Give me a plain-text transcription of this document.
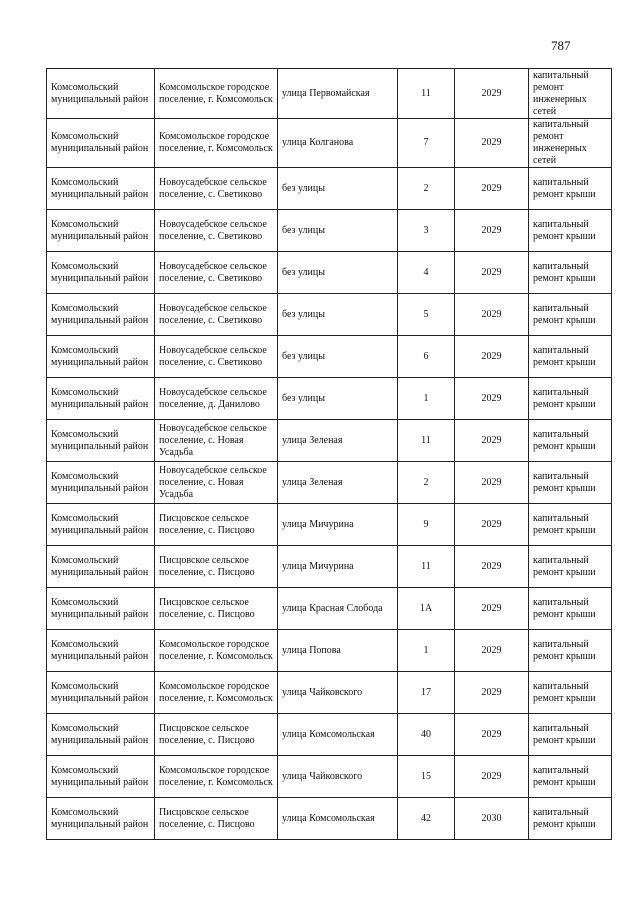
787
Комсомольский муниципальный район	Комсомольское городское поселение, г. Комсомольск	улица Первомайская	11	2029	капитальный ремонт инженерных сетей
Комсомольский муниципальный район	Комсомольское городское поселение, г. Комсомольск	улица Колганова	7	2029	капитальный ремонт инженерных сетей
Комсомольский муниципальный район	Новоусадебское сельское поселение, с. Светиково	без улицы	2	2029	капитальный ремонт крыши
Комсомольский муниципальный район	Новоусадебское сельское поселение, с. Светиково	без улицы	3	2029	капитальный ремонт крыши
Комсомольский муниципальный район	Новоусадебское сельское поселение, с. Светиково	без улицы	4	2029	капитальный ремонт крыши
Комсомольский муниципальный район	Новоусадебское сельское поселение, с. Светиково	без улицы	5	2029	капитальный ремонт крыши
Комсомольский муниципальный район	Новоусадебское сельское поселение, с. Светиково	без улицы	6	2029	капитальный ремонт крыши
Комсомольский муниципальный район	Новоусадебское сельское поселение, д. Данилово	без улицы	1	2029	капитальный ремонт крыши
Комсомольский муниципальный район	Новоусадебское сельское поселение, с. Новая Усадьба	улица Зеленая	11	2029	капитальный ремонт крыши
Комсомольский муниципальный район	Новоусадебское сельское поселение, с. Новая Усадьба	улица Зеленая	2	2029	капитальный ремонт крыши
Комсомольский муниципальный район	Писцовское сельское поселение, с. Писцово	улица Мичурина	9	2029	капитальный ремонт крыши
Комсомольский муниципальный район	Писцовское сельское поселение, с. Писцово	улица Мичурина	11	2029	капитальный ремонт крыши
Комсомольский муниципальный район	Писцовское сельское поселение, с. Писцово	улица Красная Слобода	1А	2029	капитальный ремонт крыши
Комсомольский муниципальный район	Комсомольское городское поселение, г. Комсомольск	улица Попова	1	2029	капитальный ремонт крыши
Комсомольский муниципальный район	Комсомольское городское поселение, г. Комсомольск	улица Чайковского	17	2029	капитальный ремонт крыши
Комсомольский муниципальный район	Писцовское сельское поселение, с. Писцово	улица Комсомольская	40	2029	капитальный ремонт крыши
Комсомольский муниципальный район	Комсомольское городское поселение, г. Комсомольск	улица Чайковского	15	2029	капитальный ремонт крыши
Комсомольский муниципальный район	Писцовское сельское поселение, с. Писцово	улица Комсомольская	42	2030	капитальный ремонт крыши
